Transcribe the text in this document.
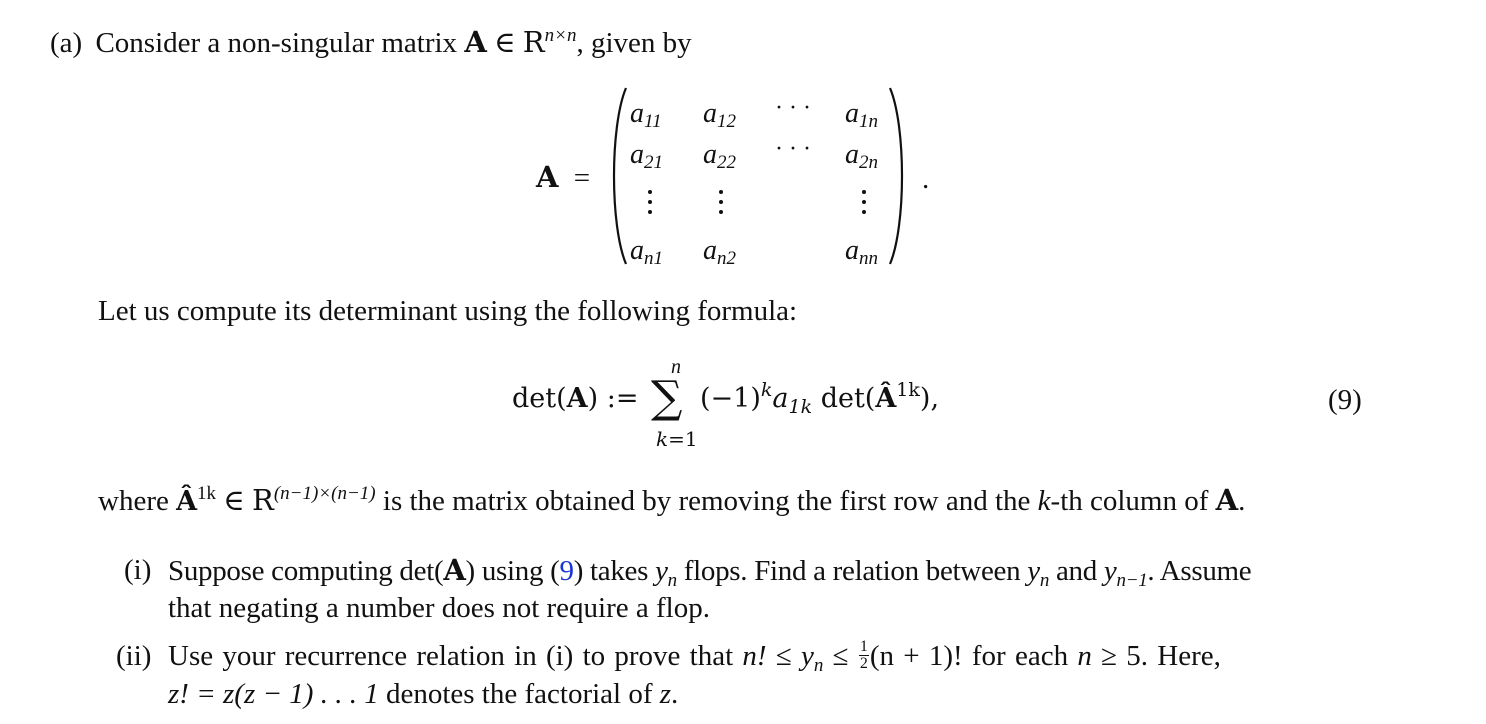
(a) Consider a non-singular matrix A ∈ $R^{n\times n}$, given by
A =
a11 a12
· · · a1n
a21 a22
· · · a2n
an1 an2	ann
.
Let us compute its determinant using the following formula:
det(A) :=
n
∑
k=1
$(-1)^ka_{1k}$ $\det(Â^{1k})$,	(9)
where $Â^{1k}$ ∈ $R^{(n-1)\times(n-1)}$ is the matrix obtained by removing the first row and the k-th column of A.
(i) Suppose computing det(A) using (9) takes $y_n$ flops. Find a relation between $y_n$ and $y_{n-1}$. Assume
that negating a number does not require a flop.
(ii) Use your recurrence relation in (i) to prove that n! ≤ $y_n \le \frac{1}{2} (n + 1)$! for each n ≥ 5. Here,
z! = z(z − 1) . . . 1 denotes the factorial of z.
